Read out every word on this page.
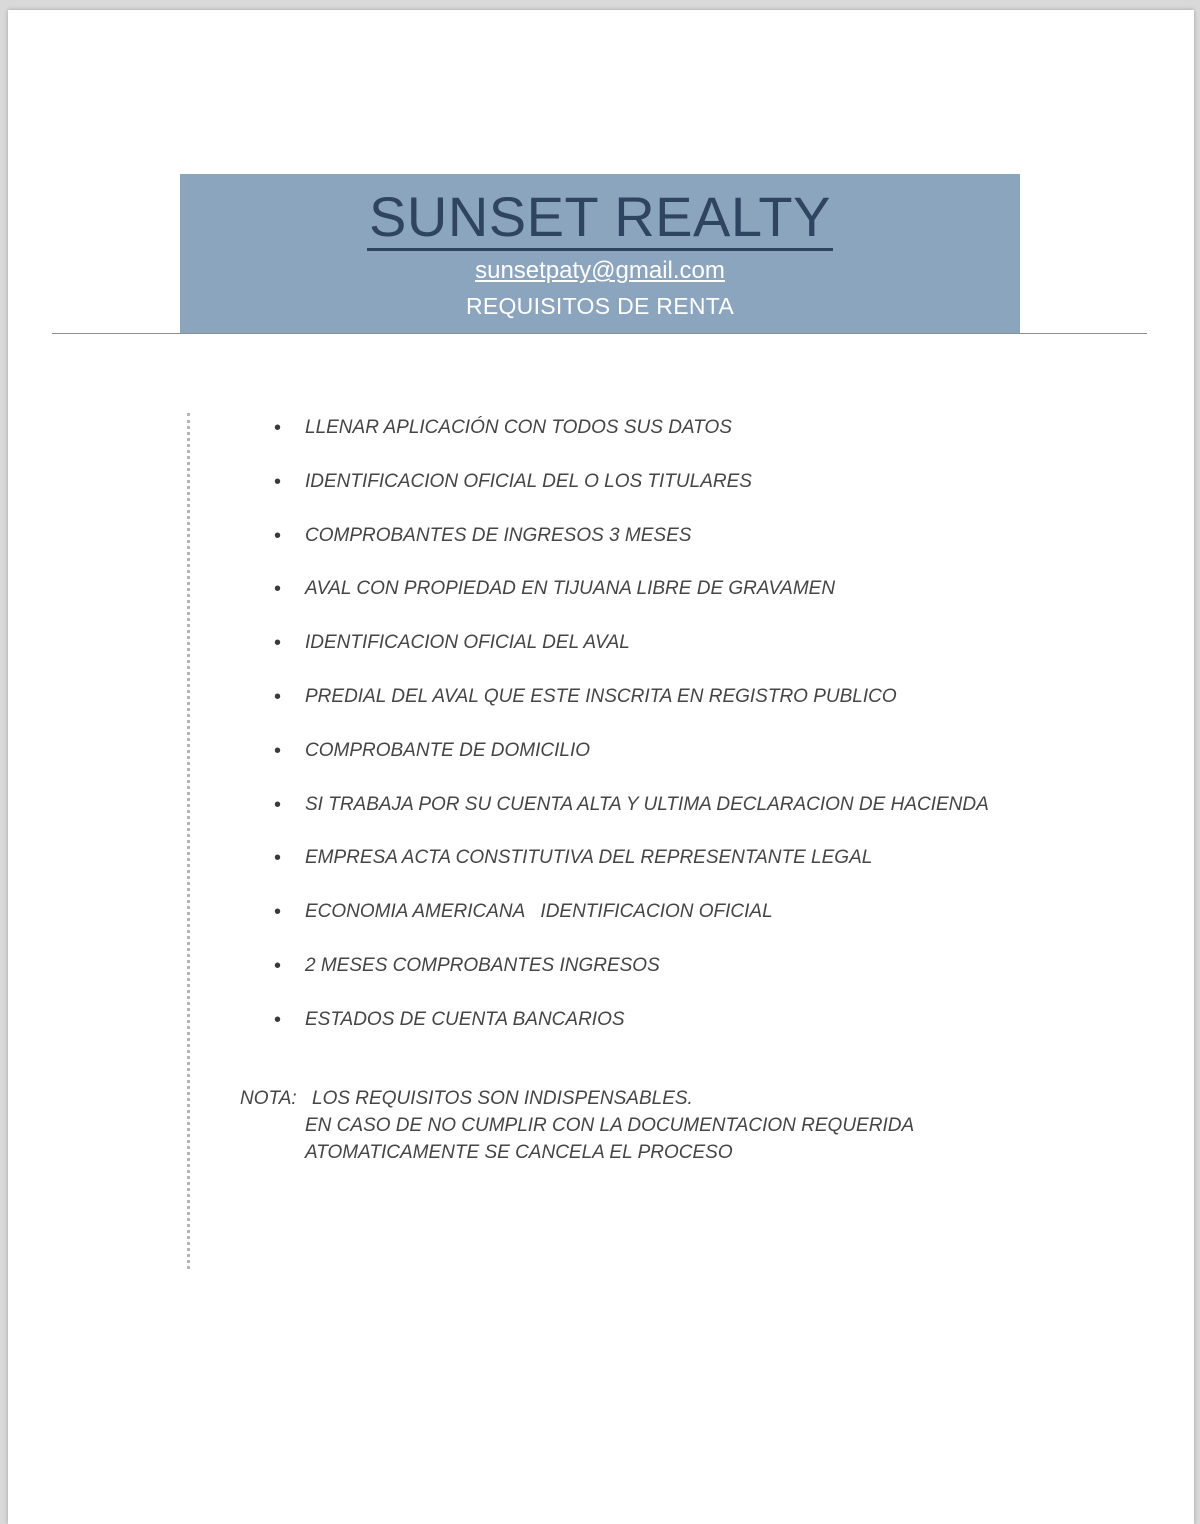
SUNSET REALTY
sunsetpaty@gmail.com
REQUISITOS DE RENTA
• LLENAR APLICACIÓN CON TODOS SUS DATOS
• IDENTIFICACION OFICIAL DEL O LOS TITULARES
• COMPROBANTES DE INGRESOS 3 MESES
• AVAL CON PROPIEDAD EN TIJUANA LIBRE DE GRAVAMEN
• IDENTIFICACION OFICIAL DEL AVAL
• PREDIAL DEL AVAL QUE ESTE INSCRITA EN REGISTRO PUBLICO
• COMPROBANTE DE DOMICILIO
• SI TRABAJA POR SU CUENTA ALTA Y ULTIMA DECLARACION DE HACIENDA
• EMPRESA ACTA CONSTITUTIVA DEL REPRESENTANTE LEGAL
• ECONOMIA AMERICANA   IDENTIFICACION OFICIAL
• 2 MESES COMPROBANTES INGRESOS
• ESTADOS DE CUENTA BANCARIOS
NOTA: LOS REQUISITOS SON INDISPENSABLES.
EN CASO DE NO CUMPLIR CON LA DOCUMENTACION REQUERIDA
ATOMATICAMENTE SE CANCELA EL PROCESO
